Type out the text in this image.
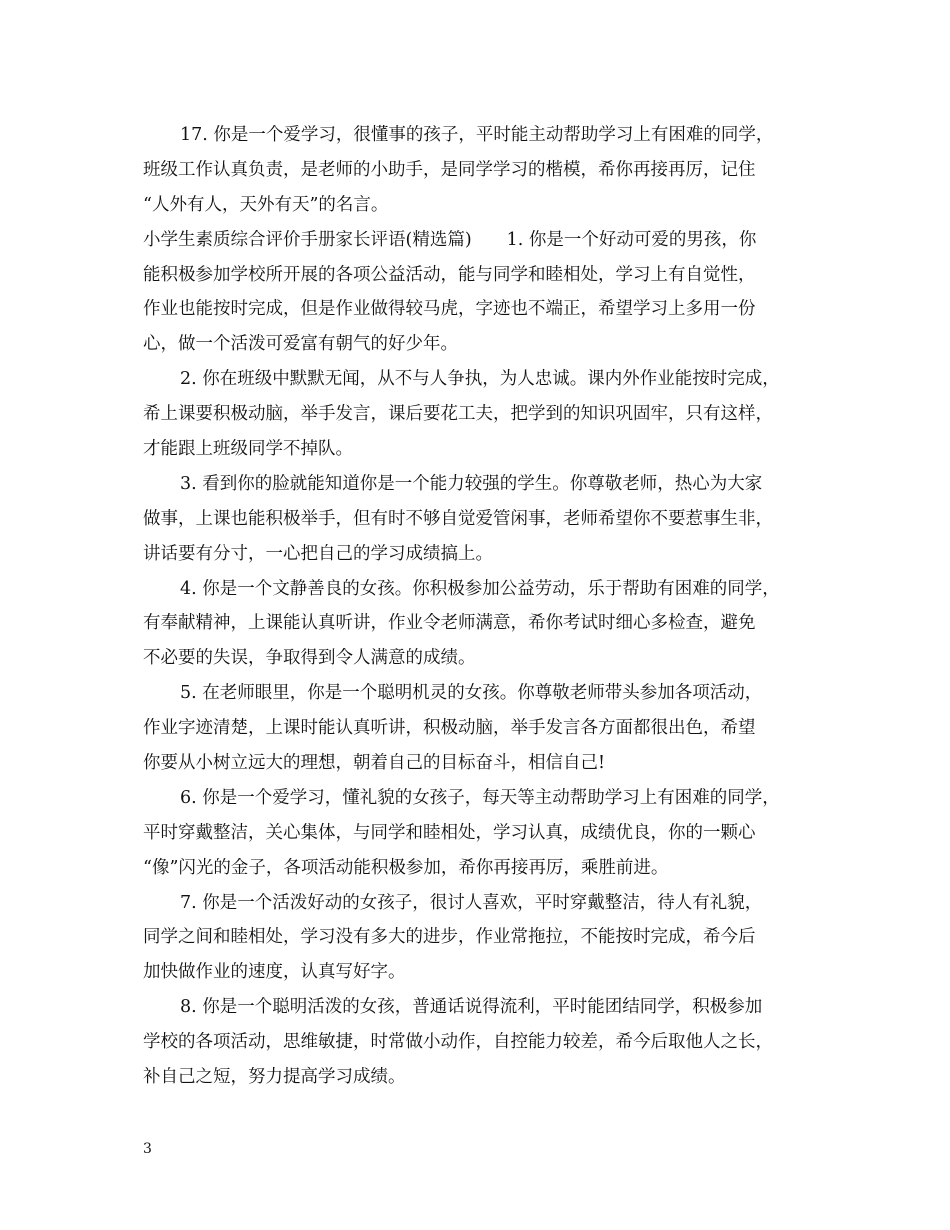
17. 你是一个爱学习，很懂事的孩子，平时能主动帮助学习上有困难的同学，
班级工作认真负责，是老师的小助手，是同学学习的楷模，希你再接再厉，记住
“人外有人，天外有天”的名言。
小学生素质综合评价手册家长评语(精选篇)　　1. 你是一个好动可爱的男孩，你
能积极参加学校所开展的各项公益活动，能与同学和睦相处，学习上有自觉性，
作业也能按时完成，但是作业做得较马虎，字迹也不端正，希望学习上多用一份
心，做一个活泼可爱富有朝气的好少年。
2. 你在班级中默默无闻，从不与人争执，为人忠诚。课内外作业能按时完成，
希上课要积极动脑，举手发言，课后要花工夫，把学到的知识巩固牢，只有这样，
才能跟上班级同学不掉队。
3. 看到你的脸就能知道你是一个能力较强的学生。你尊敬老师，热心为大家
做事，上课也能积极举手，但有时不够自觉爱管闲事，老师希望你不要惹事生非，
讲话要有分寸，一心把自己的学习成绩搞上。
4. 你是一个文静善良的女孩。你积极参加公益劳动，乐于帮助有困难的同学，
有奉献精神，上课能认真听讲，作业令老师满意，希你考试时细心多检查，避免
不必要的失误，争取得到令人满意的成绩。
5. 在老师眼里，你是一个聪明机灵的女孩。你尊敬老师带头参加各项活动，
作业字迹清楚，上课时能认真听讲，积极动脑，举手发言各方面都很出色，希望
你要从小树立远大的理想，朝着自己的目标奋斗，相信自己!
6. 你是一个爱学习，懂礼貌的女孩子，每天等主动帮助学习上有困难的同学，
平时穿戴整洁，关心集体，与同学和睦相处，学习认真，成绩优良，你的一颗心
“像”闪光的金子，各项活动能积极参加，希你再接再厉，乘胜前进。
7. 你是一个活泼好动的女孩子，很讨人喜欢，平时穿戴整洁，待人有礼貌，
同学之间和睦相处，学习没有多大的进步，作业常拖拉，不能按时完成，希今后
加快做作业的速度，认真写好字。
8. 你是一个聪明活泼的女孩，普通话说得流利，平时能团结同学，积极参加
学校的各项活动，思维敏捷，时常做小动作，自控能力较差，希今后取他人之长，
补自己之短，努力提高学习成绩。
3
